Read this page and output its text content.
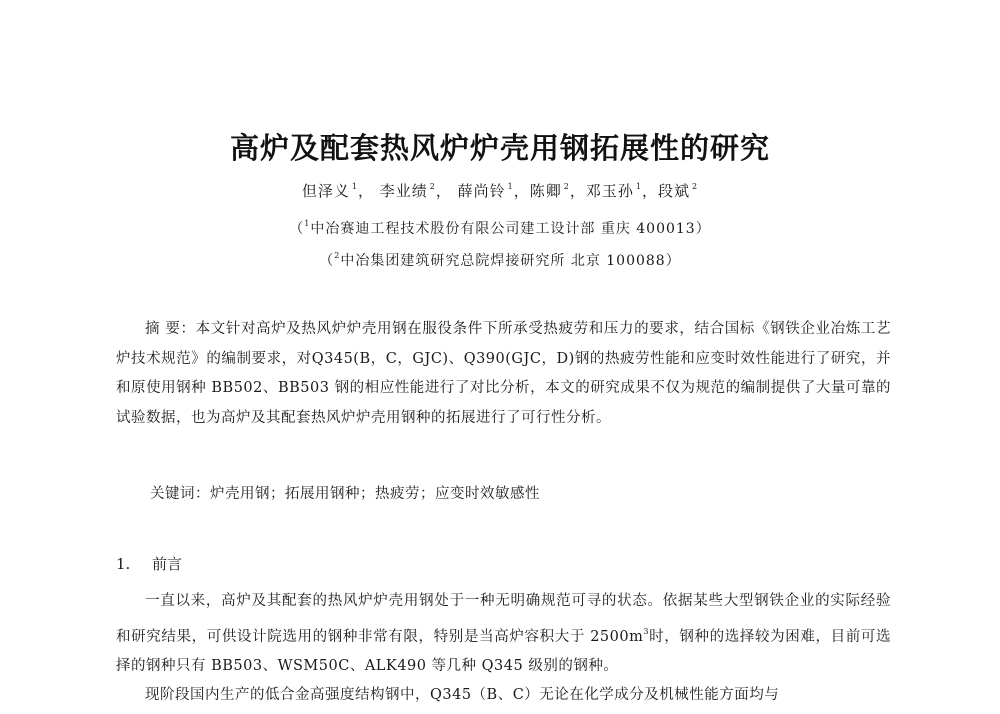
高炉及配套热风炉炉壳用钢拓展性的研究
但泽义 $^1$， 李业绩 $^2$， 薛尚铃 $^1$，陈卿 $^2$，邓玉孙 $^1$，段斌 $^2$
（$^1$中冶赛迪工程技术股份有限公司建工设计部 重庆 400013）
（$^2$中冶集团建筑研究总院焊接研究所 北京 100088）
摘 要：本文针对高炉及热风炉炉壳用钢在服役条件下所承受热疲劳和压力的要求，结合国标《钢铁企业冶炼工艺炉技术规范》的编制要求，对Q345(B，C，GJC)、Q390(GJC，D)钢的热疲劳性能和应变时效性能进行了研究，并和原使用钢种 BB502、BB503 钢的相应性能进行了对比分析，本文的研究成果不仅为规范的编制提供了大量可靠的试验数据，也为高炉及其配套热风炉炉壳用钢种的拓展进行了可行性分析。
关键词：炉壳用钢；拓展用钢种；热疲劳；应变时效敏感性
1. 前言
一直以来，高炉及其配套的热风炉炉壳用钢处于一种无明确规范可寻的状态。依据某些大型钢铁企业的实际经验和研究结果，可供设计院选用的钢种非常有限，特别是当高炉容积大于 $2500m^3$时，钢种的选择较为困难，目前可选择的钢种只有 BB503、WSM50C、ALK490 等几种 Q345 级别的钢种。
现阶段国内生产的低合金高强度结构钢中，Q345（B、C）无论在化学成分及机械性能方面均与
